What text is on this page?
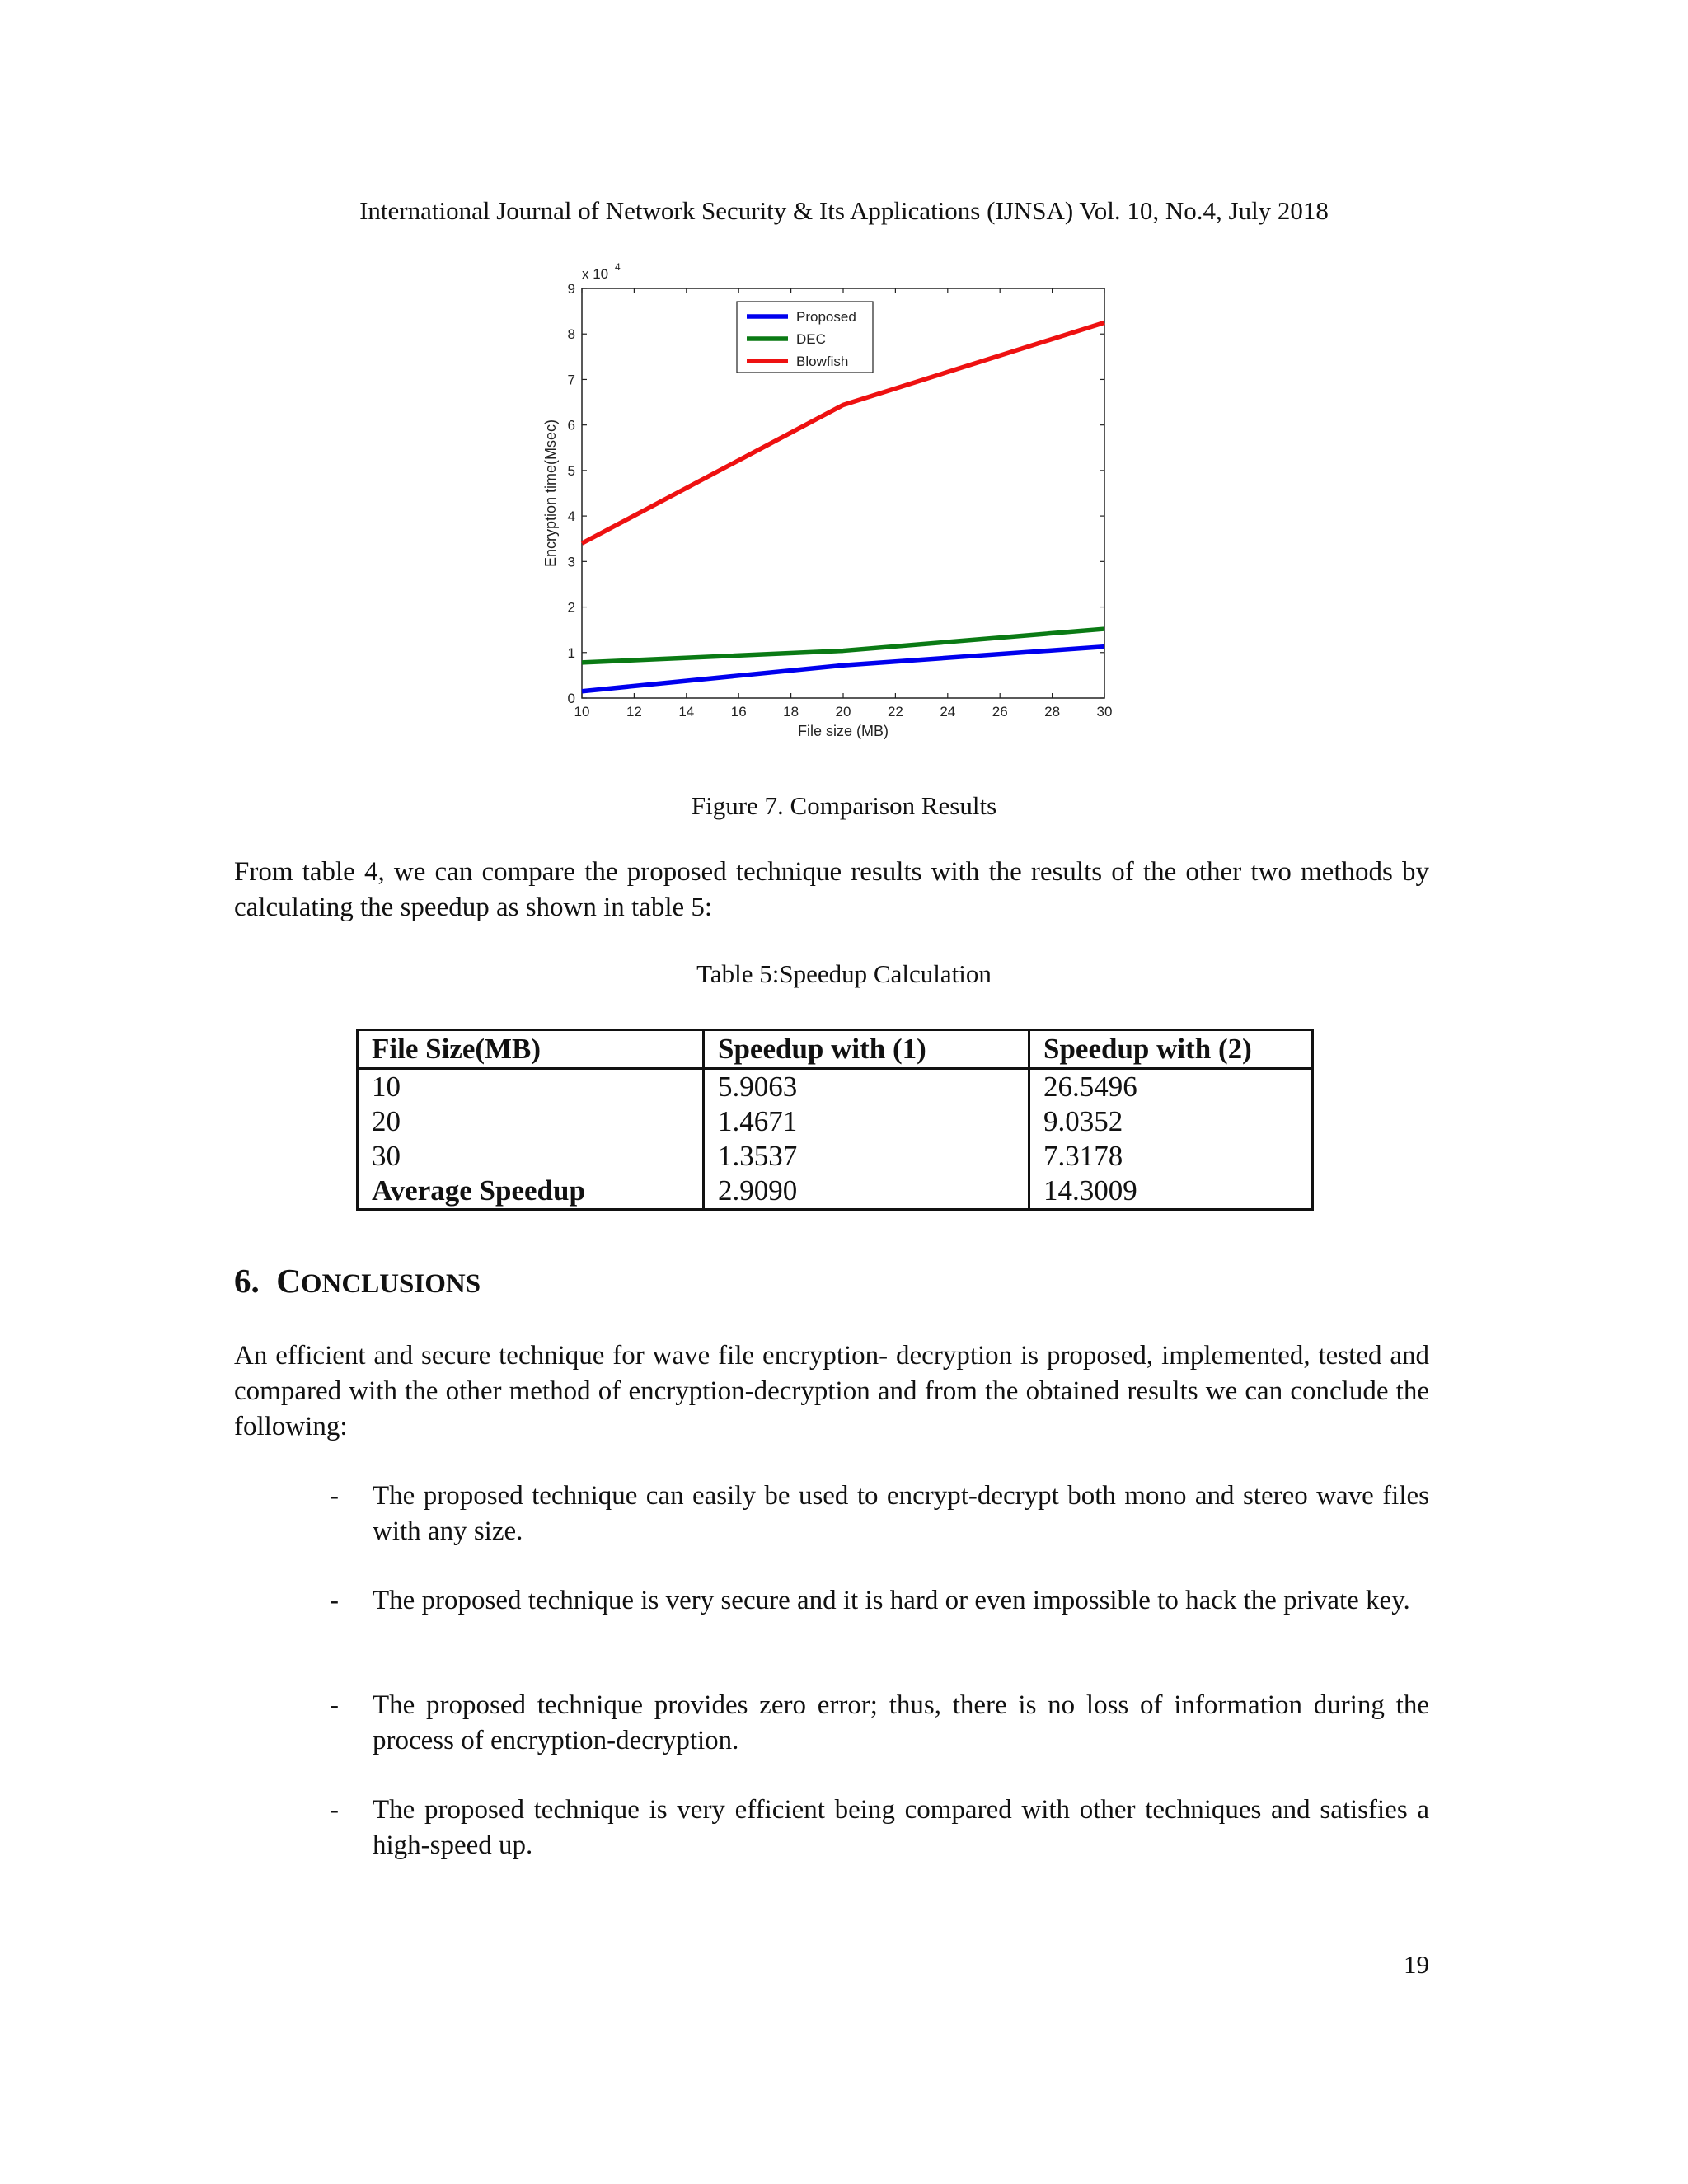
International Journal of Network Security & Its Applications (IJNSA) Vol. 10, No.4, July 2018
10	12	14	16	18	20	22	24	26	28	30
0
1
2
3
4
5
6
7
8
9
x 10 4
File size (MB)
Encryption time(Msec)
Proposed
DEC
Blowfish
Figure 7. Comparison Results
From table 4, we can compare the proposed technique results with the results of the other two methods by calculating the speedup as shown in table 5:
Table 5:Speedup Calculation
File Size(MB)	Speedup with (1)	Speedup with (2)
10	5.9063	26.5496
20	1.4671	9.0352
30	1.3537	7.3178
Average Speedup	2.9090	14.3009
6. CONCLUSIONS
An efficient and secure technique for wave file encryption- decryption is proposed, implemented, tested and compared with the other method of encryption-decryption and from the obtained results we can conclude the following:
- The proposed technique can easily be used to encrypt-decrypt both mono and stereo wave files with any size.
- The proposed technique is very secure and it is hard or even impossible to hack the private key.
- The proposed technique provides zero error; thus, there is no loss of information during the process of encryption-decryption.
- The proposed technique is very efficient being compared with other techniques and satisfies a high-speed up.
19
